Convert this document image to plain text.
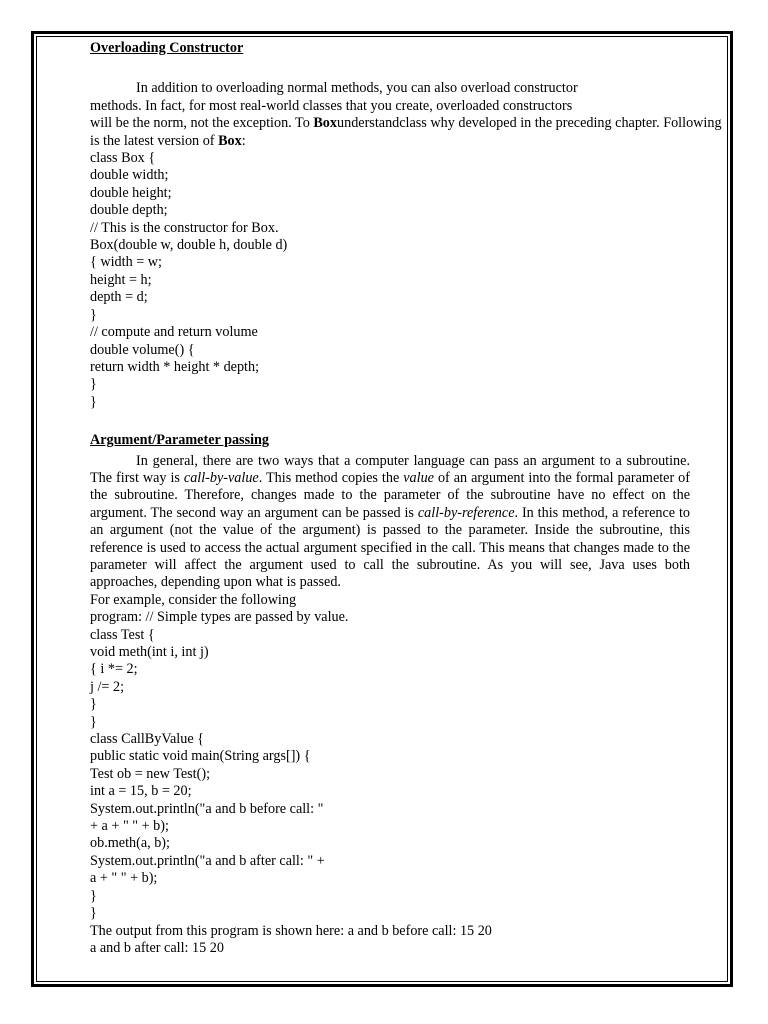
Overloading Constructor

In addition to overloading normal methods, you can also overload constructor

methods. In fact, for most real-world classes that you create, overloaded constructors

will be the norm, not the exception. To Boxunderstandclass why developed in the preceding chapter. Following

is the latest version of Box:

class Box {

double width;

double height;

double depth;

// This is the constructor for Box.

Box(double w, double h, double d)

{ width = w;

height = h;

depth = d;

}

// compute and return volume

double volume() {

return width * height * depth;

}

}

Argument/Parameter passing

In general, there are two ways that a computer language can pass an argument to a subroutine. The first way is call-by-value. This method copies the value of an argument into the formal parameter of the subroutine. Therefore, changes made to the parameter of the subroutine have no effect on the argument. The second way an argument can be passed is call-by-reference. In this method, a reference to an argument (not the value of the argument) is passed to the parameter. Inside the subroutine, this reference is used to access the actual argument specified in the call. This means that changes made to the parameter will affect the argument used to call the subroutine. As you will see, Java uses both approaches, depending upon what is passed.

For example, consider the following

program: // Simple types are passed by value.

class Test {

void meth(int i, int j)

{ i *= 2;

j /= 2;

}

}

class CallByValue {

public static void main(String args[]) {

Test ob = new Test();

int a = 15, b = 20;

System.out.println("a and b before call: "

+ a + " " + b);

ob.meth(a, b);

System.out.println("a and b after call: " +

a + " " + b);

}

}

The output from this program is shown here: a and b before call: 15 20

a and b after call: 15 20
